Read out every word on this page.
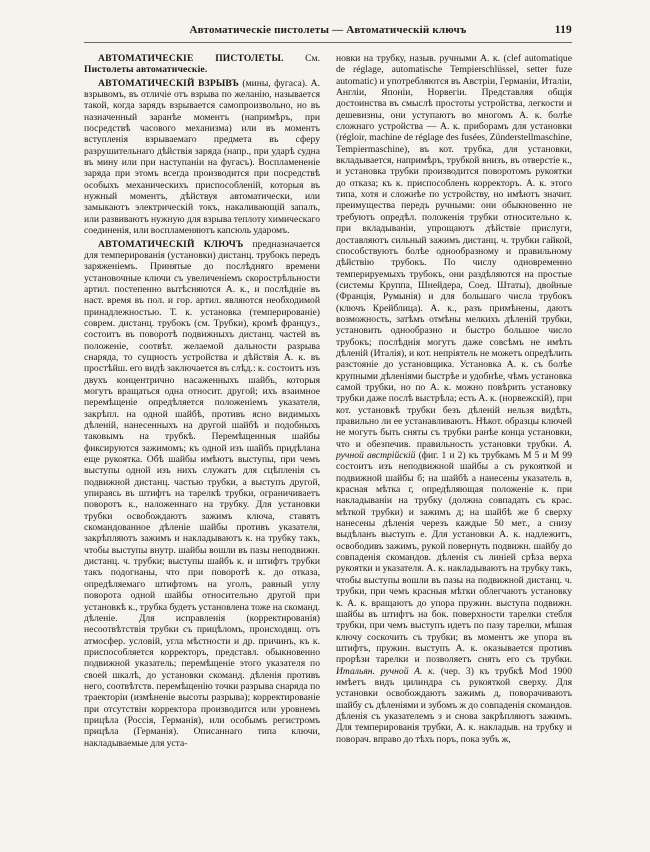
Автоматическіе пистолеты — Автоматическій ключъ	119

АВТОМАТИЧЕСКІЕ ПИСТОЛЕТЫ. См. Пистолеты автоматическіе.

АВТОМАТИЧЕСКІЙ ВЗРЫВЪ (мины, фугаса). А. взрывомъ, въ отличіе отъ взрыва по желанію, называется такой, когда зарядъ взрывается самопроизвольно, но въ назначенный заранѣе моментъ (напримѣръ, при посредствѣ часового механизма) или въ моментъ вступленія взрываемаго предмета въ сферу разрушительнаго дѣйствія заряда (напр., при ударѣ судна въ мину или при наступаніи на фугасъ). Воспламененіе заряда при этомъ всегда производится при посредствѣ особыхъ механическихъ приспособленій, которыя въ нужный моментъ, дѣйствуя автоматически, или замыкаютъ электрическій токъ, накаливающій запалъ, или развиваютъ нужную для взрыва теплоту химическаго соединенія, или воспламеняютъ капсюль ударомъ.

АВТОМАТИЧЕСКІЙ КЛЮЧЪ предназначается для темперированія (установки) дистанц. трубокъ передъ заряженіемъ. Принятые до послѣдняго времени установочные ключи съ увеличеніемъ скорострѣльности артил. постепенно вытѣсняются А. к., и послѣдніе въ наст. время въ пол. и гор. артил. являются необходимой принадлежностью. Т. к. установка (темперированіе) соврем. дистанц. трубокъ (см. Трубки), кромѣ француз., состоитъ въ поворотѣ подвижныхъ дистанц. частей въ положеніе, соотвѣт. желаемой дальности разрыва снаряда, то сущность устройства и дѣйствія А. к. въ простѣйш. его видѣ заключается въ слѣд.: к. состоитъ изъ двухъ концентрично насаженныхъ шайбъ, которыя могутъ вращаться одна относит. другой; ихъ взаимное перемѣщеніе опредѣляется положеніемъ указателя, закрѣпл. на одной шайбѣ, противъ ясно видимыхъ дѣленій, нанесенныхъ на другой шайбѣ и подобныхъ таковымъ на трубкѣ. Перемѣщенныя шайбы фиксируются зажимомъ; къ одной изъ шайбъ придѣлана еще рукоятка. Обѣ шайбы имѣютъ выступы, при чемъ выступы одной изъ нихъ служатъ для сцѣпленія съ подвижной дистанц. частью трубки, а выступъ другой, упираясь въ штифтъ на тарелкѣ трубки, ограничиваетъ поворотъ к., наложеннаго на трубку. Для установки трубки освобождаютъ зажимъ ключа, ставятъ скомандованное дѣленіе шайбы противъ указателя, закрѣпляютъ зажимъ и накладываютъ к. на трубку такъ, чтобы выступы внутр. шайбы вошли въ пазы неподвижн. дистанц. ч. трубки; выступы шайбъ к. и штифтъ трубки такъ подогнаны, что при поворотѣ к. до отказа, опредѣляемаго штифтомъ на уголъ, равный углу поворота одной шайбы относительно другой при установкѣ к., трубка будетъ установлена тоже на скоманд. дѣленіе. Для исправленія (корректированія) несоотвѣтствія трубки съ прицѣломъ, происходящ. отъ атмосфер. условій, угла мѣстности и др. причинъ, къ к. приспособляется корректоръ, представл. обыкновенно подвижной указатель; перемѣщеніе этого указателя по своей шкалѣ, до установки скоманд. дѣленія противъ него, соотвѣтств. перемѣщенію точки разрыва снаряда по траекторіи (измѣненіе высоты разрыва); корректированіе при отсутствіи корректора производится или уровнемъ прицѣла (Россія, Германія), или особымъ регистромъ прицѣла (Германія). Описаннаго типа ключи, накладываемые для уста-

новки на трубку, назыв. ручными А. к. (clef automatique de réglage, automatische Tempierschlüssel, setter fuze automatic) и употребляются въ Австріи, Германіи, Италіи, Англіи, Японіи, Норвегіи. Представляя общія достоинства въ смыслѣ простоты устройства, легкости и дешевизны, они уступаютъ во многомъ А. к. болѣе сложнаго устройства — А. к. приборамъ для установки (régloir, machine de réglage des fusées, Zünderstellmaschine, Tempiermaschine), въ кот. трубка, для установки, вкладывается, напримѣръ, трубкой внизъ, въ отверстіе к., и установка трубки производится поворотомъ рукоятки до отказа; къ к. приспособленъ корректоръ. А. к. этого типа, хотя и сложнѣе по устройству, но имѣютъ значит. преимущества передъ ручными: они обыкновенно не требуютъ опредѣл. положенія трубки относительно к. при вкладываніи, упрощаютъ дѣйствіе прислуги, доставляютъ сильный зажимъ дистанц. ч. трубки гайкой, способствуютъ болѣе однообразному и правильному дѣйствію трубокъ. По числу одновременно темперируемыхъ трубокъ, они раздѣляются на простые (системы Круппа, Шнейдера, Соед. Штаты), двойные (Франція, Румынія) и для большаго числа трубокъ (ключъ Крейблица). А. к., разъ примѣнены, даютъ возможность, затѣмъ отмѣны мелкихъ дѣленій трубки, установить однообразно и быстро большое число трубокъ; послѣднія могутъ даже совсѣмъ не имѣть дѣленій (Италія), и кот. непріятель не можетъ опредѣлить разстояніе до установщика. Установка А. к. съ болѣе крупными дѣленіями быстрѣе и удобнѣе, чѣмъ установка самой трубки, но по А. к. можно повѣрить установку трубки даже послѣ выстрѣла; есть А. к. (норвежскій), при кот. установкѣ трубки безъ дѣленій нельзя видѣть, правильно ли ее устанавливаютъ. Нѣкот. образцы ключей не могутъ быть сняты съ трубки ранѣе конца установки, что и обезпечив. правильность установки трубки. А. ручной австрійскій (фиг. 1 и 2) къ трубкамъ М 5 и М 99 состоитъ изъ неподвижной шайбы а съ рукояткой и подвижной шайбы б; на шайбѣ а нанесены указатель в, красная мѣтка г, опредѣляющая положеніе к. при накладываніи на трубку (должна совпадать съ крас. мѣткой трубки) и зажимъ д; на шайбѣ же б сверху нанесены дѣленія черезъ каждые 50 мет., а снизу выдѣланъ выступъ е. Для установки А. к. надлежитъ, освободивъ зажимъ, рукой повернуть подвижн. шайбу до совпаденія скомандов. дѣленія съ линіей срѣза верха рукоятки и указателя. А. к. накладываютъ на трубку такъ, чтобы выступы вошли въ пазы на подвижной дистанц. ч. трубки, при чемъ красныя мѣтки облегчаютъ установку к. А. к. вращаютъ до упора пружин. выступа подвижн. шайбы въ штифтъ на бок. поверхности тарелки стебля трубки, при чемъ выступъ идетъ по пазу тарелки, мѣшая ключу соскочить съ трубки; въ моментъ же упора въ штифтъ, пружин. выступъ А. к. оказывается противъ прорѣзи тарелки и позволяетъ снять его съ трубки. Итальян. ручной А. к. (чер. 3) къ трубкѣ Mod 1900 имѣетъ видъ цилиндра съ рукояткой сверху. Для установки освобождаютъ зажимъ д, поворачиваютъ шайбу съ дѣленіями и зубомъ ж до совпаденія скомандов. дѣленія съ указателемъ з и снова закрѣпляютъ зажимъ. Для темперированія трубки, А. к. накладыв. на трубку и поворач. вправо до тѣхъ поръ, пока зубъ ж,
